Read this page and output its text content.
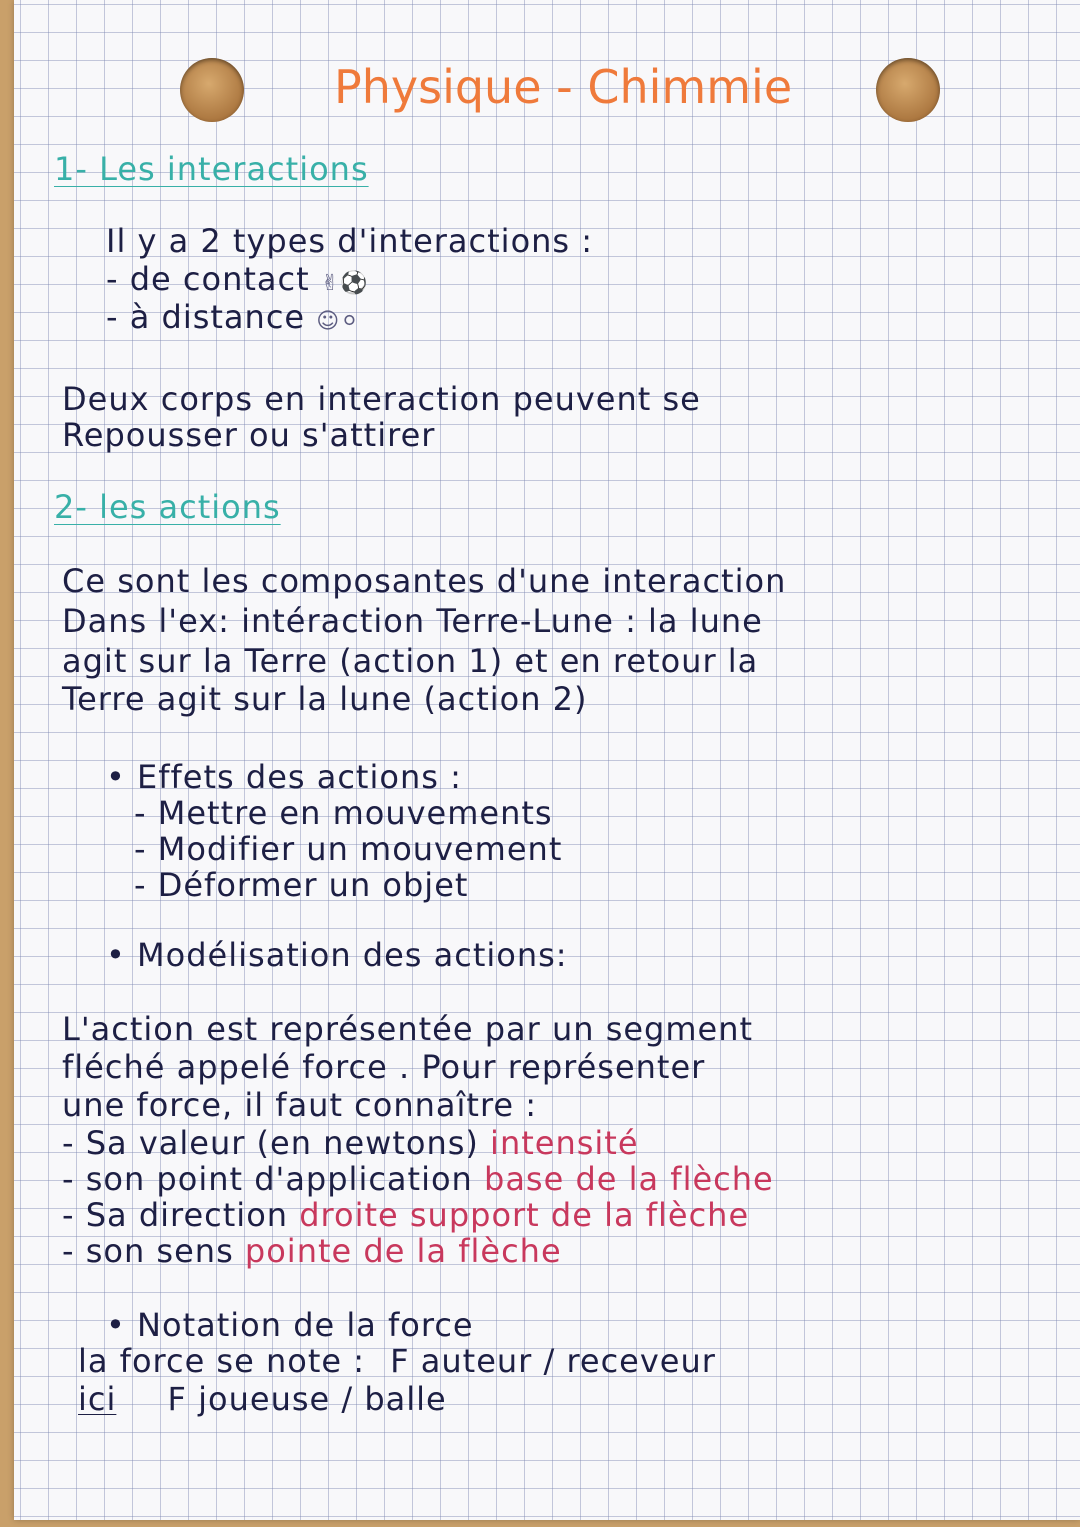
Physique - Chimmie
1- Les interactions
Il y a 2 types d'interactions :
- de contact ✌⚽
- à distance ☺⚪
Deux corps en interaction peuvent se
Repousser ou s'attirer
2- les actions
Ce sont les composantes d'une interaction
Dans l'ex: intéraction Terre-Lune : la lune
agit sur la Terre (action 1) et en retour la
Terre agit sur la lune (action 2)
• Effets des actions :
- Mettre en mouvements
- Modifier un mouvement
- Déformer un objet
• Modélisation des actions:
L'action est représentée par un segment
fléché appelé force . Pour représenter
une force, il faut connaître :
- Sa valeur (en newtons) intensité
- son point d'application base de la flèche
- Sa direction droite support de la flèche
- son sens pointe de la flèche
• Notation de la force
la force se note : F auteur / receveur
ici F joueuse / balle
